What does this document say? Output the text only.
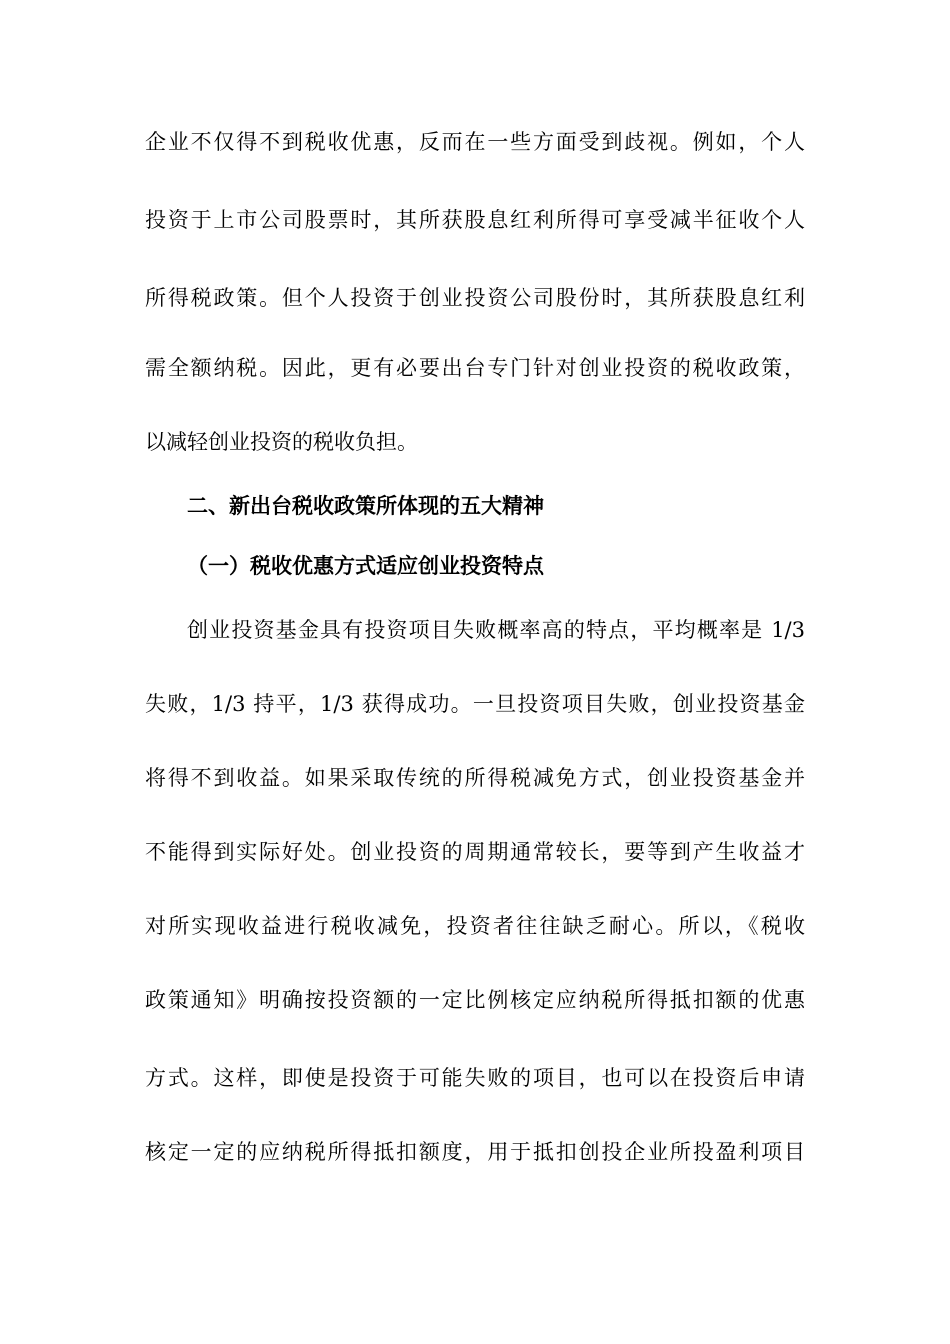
企业不仅得不到税收优惠，反而在一些方面受到歧视。例如，个人
投资于上市公司股票时，其所获股息红利所得可享受减半征收个人
所得税政策。但个人投资于创业投资公司股份时，其所获股息红利
需全额纳税。因此，更有必要出台专门针对创业投资的税收政策，
以减轻创业投资的税收负担。
二、新出台税收政策所体现的五大精神
（一）税收优惠方式适应创业投资特点
创业投资基金具有投资项目失败概率高的特点，平均概率是 1/3
失败，1/3 持平，1/3 获得成功。一旦投资项目失败，创业投资基金
将得不到收益。如果采取传统的所得税减免方式，创业投资基金并
不能得到实际好处。创业投资的周期通常较长，要等到产生收益才
对所实现收益进行税收减免，投资者往往缺乏耐心。所以，《税收
政策通知》明确按投资额的一定比例核定应纳税所得抵扣额的优惠
方式。这样，即使是投资于可能失败的项目，也可以在投资后申请
核定一定的应纳税所得抵扣额度，用于抵扣创投企业所投盈利项目
